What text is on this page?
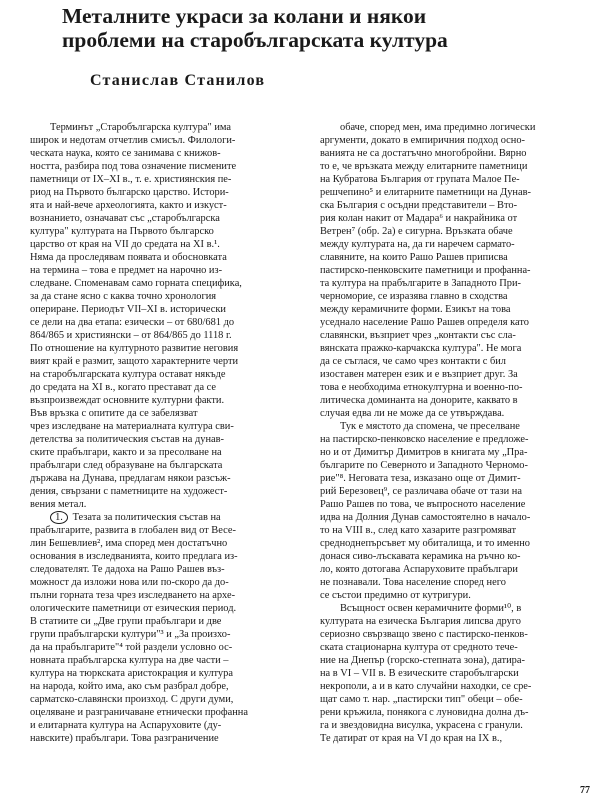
Металните украси за колани и някои
проблеми на старобългарската култура
Станислав Станилов
Терминът „Старобългарска култура" има
широк и недотам отчетлив смисъл. Филологи-
ческата наука, която се занимава с книжов-
ността, разбира под това означение писмените
паметници от IX–XI в., т. е. християнския пе-
риод на Първото българско царство. Истори-
ята и най-вече археологията, както и изкуст-
вознанието, означават със „старобългарска
култура" културата на Първото българско
царство от края на VII до средата на XI в.¹.
Няма да проследявам появата и обосновката
на термина – това е предмет на нарочно из-
следване. Споменавам само горната специфика,
за да стане ясно с каква точно хронология
опериране. Периодът VII–XI в. исторически
се дели на два етапа: езически – от 680/681 до
864/865 и християнски – от 864/865 до 1118 г.
По отношение на културното развитие неговия
вият край е размит, защото характерните черти
на старобългарската култура остават някъде
до средата на XI в., когато престават да се
възпроизвеждат основните културни факти.
Във връзка с опитите да се забелязват
чрез изследване на материалната култура сви-
детелства за политическия състав на дунав-
ските прабългари, както и за пресолване на
прабългари след образуване на българската
държава на Дунава, предлагам някои разсъж-
дения, свързани с паметниците на художест-
вения метал.
1. Тезата за политическия състав на
прабългарите, развита в глобален вид от Весе-
лин Бешевлиев², има според мен достатъчно
основания в изследванията, които предлага из-
следователят. Те дадоха на Рашо Рашев въз-
можност да изложи нова или по-скоро да до-
пълни горната теза чрез изследването на архе-
ологическите паметници от езическия период.
В статиите си „Две групи прабългари и две
групи прабългарски култури"³ и „За произхо-
да на прабългарите"⁴ той раздели условно ос-
новната прабългарска култура на две части –
култура на тюркската аристокрация и култура
на народа, който има, ако съм разбрал добре,
сарматско-славянски произход. С други думи,
оцеляване и разграничаване етнически профанна
и елитарната култура на Аспаруховите (ду-
навските) прабългари. Това разграничение
обаче, според мен, има предимно логически
аргументи, докато в емпиричния подход осно-
ванията не са достатъчно многобройни. Вярно
то е, че връзката между елитарните паметници
на Кубратова България от групата Малое Пе-
решчепино⁵ и елитарните паметници на Дунав-
ска България с осъдни представители – Вто-
рия колан накит от Мадара⁶ и накрайника от
Ветрен⁷ (обр. 2а) е сигурна. Връзката обаче
между културата на, да ги наречем сармато-
славяните, на които Рашо Рашев приписва
пастирско-пенковските паметници и профанна-
та култура на прабългарите в Западното При-
черноморие, се изразява главно в сходства
между керамичните форми. Езикът на това
уседнало население Рашо Рашев определя като
славянски, възприет чрез „контакти със сла-
вянската пражко-карчакска култура". Не мога
да се съглася, че само чрез контакти с бил
изоставен матерен език и е възприет друг. За
това е необходима етнокултурна и военно-по-
литическа доминанта на донорите, каквато в
случая едва ли не може да се утвърждава.
Тук е мястото да спомена, че преселване
на пастирско-пенковско население е предложе-
но и от Димитър Димитров в книгата му „Пра-
българите по Северното и Западното Черномо-
рие"⁸. Неговата теза, изказано още от Димит-
рий Березовец⁹, се различава обаче от тази на
Рашо Рашев по това, че въпросното население
идва на Долния Дунав самостоятелно в начало-
то на VIII в., след като хазарите разгромяват
средноднепърсъвет му обиталища, и то именно
донася сиво-лъскавата керамика на ръчно ко-
ло, която дотогава Аспаруховите прабългари
не познавали. Това население според него
се състои предимно от кутригури.
Всъщност освен керамичните форми¹⁰, в
културата на езическа България липсва друго
сериозно свързващо звено с пастирско-пенков-
ската стационарна култура от средното тече-
ние на Днепър (горско-степната зона), датира-
на в VI – VII в. В езическите старобългарски
некрополи, а и в като случайни находки, се сре-
щат само т. нар. „пастирски тип" обеци – обе-
рени кръжила, понякога с луновидна долна дъ-
га и звездовидна висулка, украсена с гранули.
Те датират от края на VI до края на IX в.,
77
